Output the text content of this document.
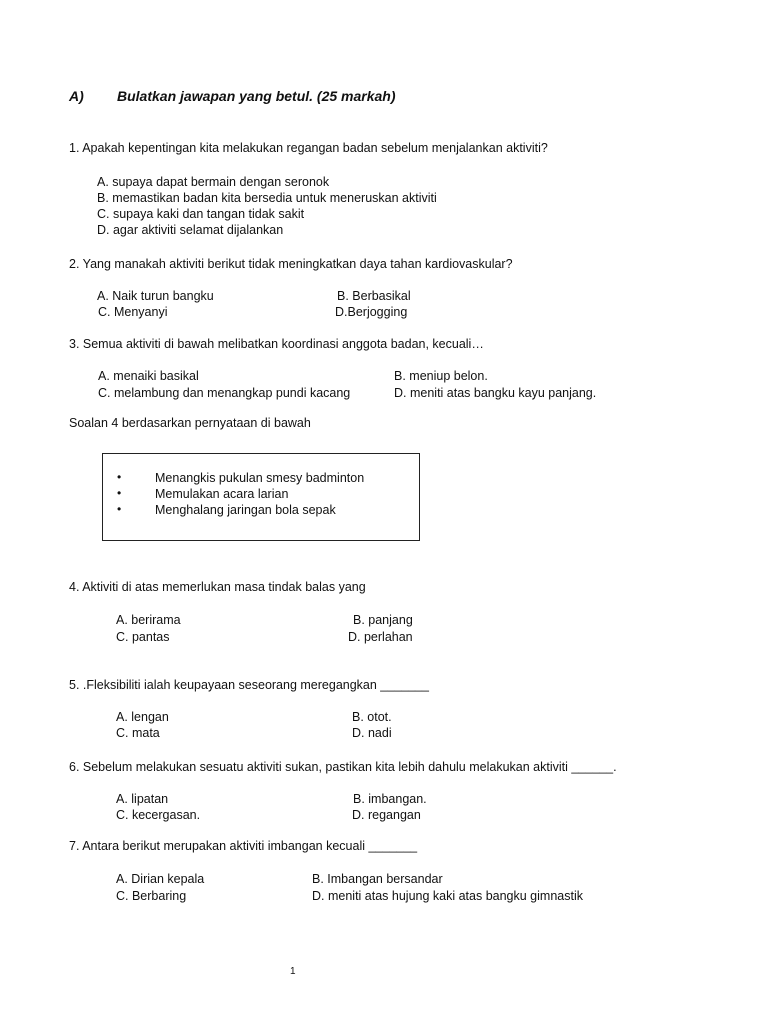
A) Bulatkan jawapan yang betul. (25 markah)
1. Apakah kepentingan kita melakukan regangan badan sebelum menjalankan aktiviti?
A. supaya dapat bermain dengan seronok
B. memastikan badan kita bersedia untuk meneruskan aktiviti
C. supaya kaki dan tangan tidak sakit
D. agar aktiviti selamat dijalankan
2. Yang manakah aktiviti berikut tidak meningkatkan daya tahan kardiovaskular?
A. Naik turun bangku	B. Berbasikal
C. Menyanyi	D.Berjogging
3. Semua aktiviti di bawah melibatkan koordinasi anggota badan, kecuali…
A. menaiki basikal	B. meniup belon.
C. melambung dan menangkap pundi kacang	D. meniti atas bangku kayu panjang.
Soalan 4 berdasarkan pernyataan di bawah
•	Menangkis pukulan smesy badminton
•	Memulakan acara larian
•	Menghalang jaringan bola sepak
4. Aktiviti di atas memerlukan masa tindak balas yang
A. berirama	B. panjang
C. pantas	D. perlahan
5. .Fleksibiliti ialah keupayaan seseorang meregangkan _______
A. lengan	B. otot.
C. mata	D. nadi
6. Sebelum melakukan sesuatu aktiviti sukan, pastikan kita lebih dahulu melakukan aktiviti ______.
A. lipatan	B. imbangan.
C. kecergasan.	D. regangan
7. Antara berikut merupakan aktiviti imbangan kecuali _______
A. Dirian kepala	B. Imbangan bersandar
C. Berbaring	D. meniti atas hujung kaki atas bangku gimnastik
1
